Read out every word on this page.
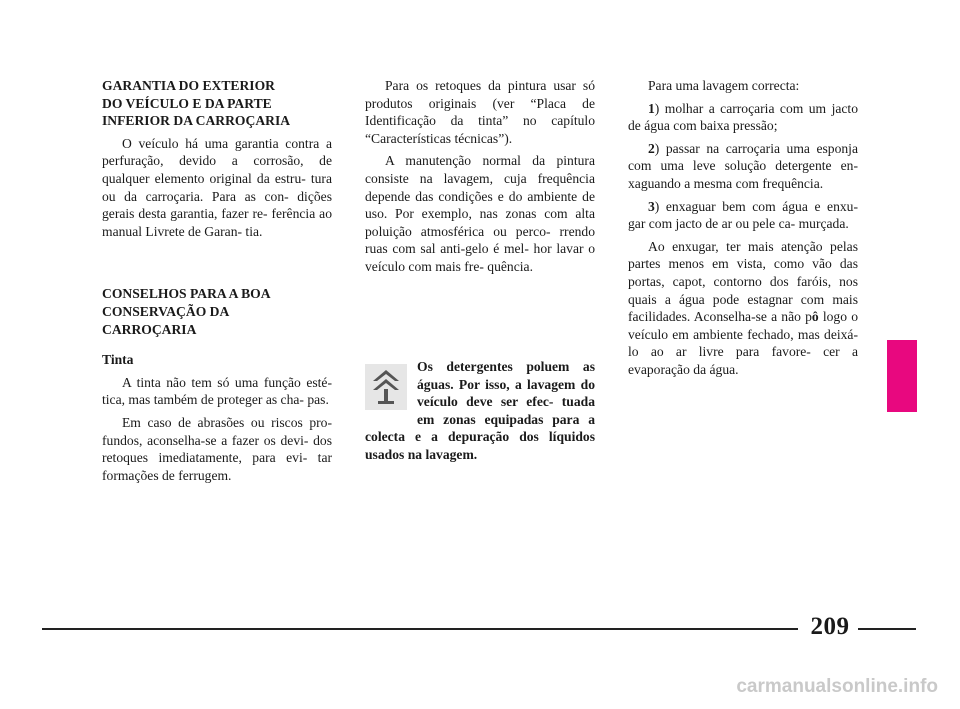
GARANTIA DO EXTERIOR
DO VEÍCULO E DA PARTE
INFERIOR DA CARROÇARIA

O veículo há uma garantia contra a perfuração, devido a corrosão, de qualquer elemento original da estru- tura ou da carroçaria. Para as con- dições gerais desta garantia, fazer re- ferência ao manual Livrete de Garan- tia.

CONSELHOS PARA A BOA
CONSERVAÇÃO DA
CARROÇARIA
Tinta

A tinta não tem só uma função esté- tica, mas também de proteger as cha- pas.

Em caso de abrasões ou riscos pro- fundos, aconselha-se a fazer os devi- dos retoques imediatamente, para evi- tar formações de ferrugem.

Para os retoques da pintura usar só produtos originais (ver “Placa de Identificação da tinta” no capítulo “Características técnicas”).

A manutenção normal da pintura consiste na lavagem, cuja frequência depende das condições e do ambiente de uso. Por exemplo, nas zonas com alta poluição atmosférica ou perco- rrendo ruas com sal anti-gelo é mel- hor lavar o veículo com mais fre- quência.

Os detergentes poluem as águas. Por isso, a lavagem do veículo deve ser efec- tuada em zonas equipadas para a colecta e a depuração dos líquidos usados na lavagem.

Para uma lavagem correcta:

1) molhar a carroçaria com um jacto de água com baixa pressão;

2) passar na carroçaria uma esponja com uma leve solução detergente en- xaguando a mesma com frequência.

3) enxaguar bem com água e enxu- gar com jacto de ar ou pele ca- murçada.

Ao enxugar, ter mais atenção pelas partes menos em vista, como vão das portas, capot, contorno dos faróis, nos quais a água pode estagnar com mais facilidades. Aconselha-se a não pô logo o veículo em ambiente fechado, mas deixá-lo ao ar livre para favore- cer a evaporação da água.

209
carmanualsonline.info
